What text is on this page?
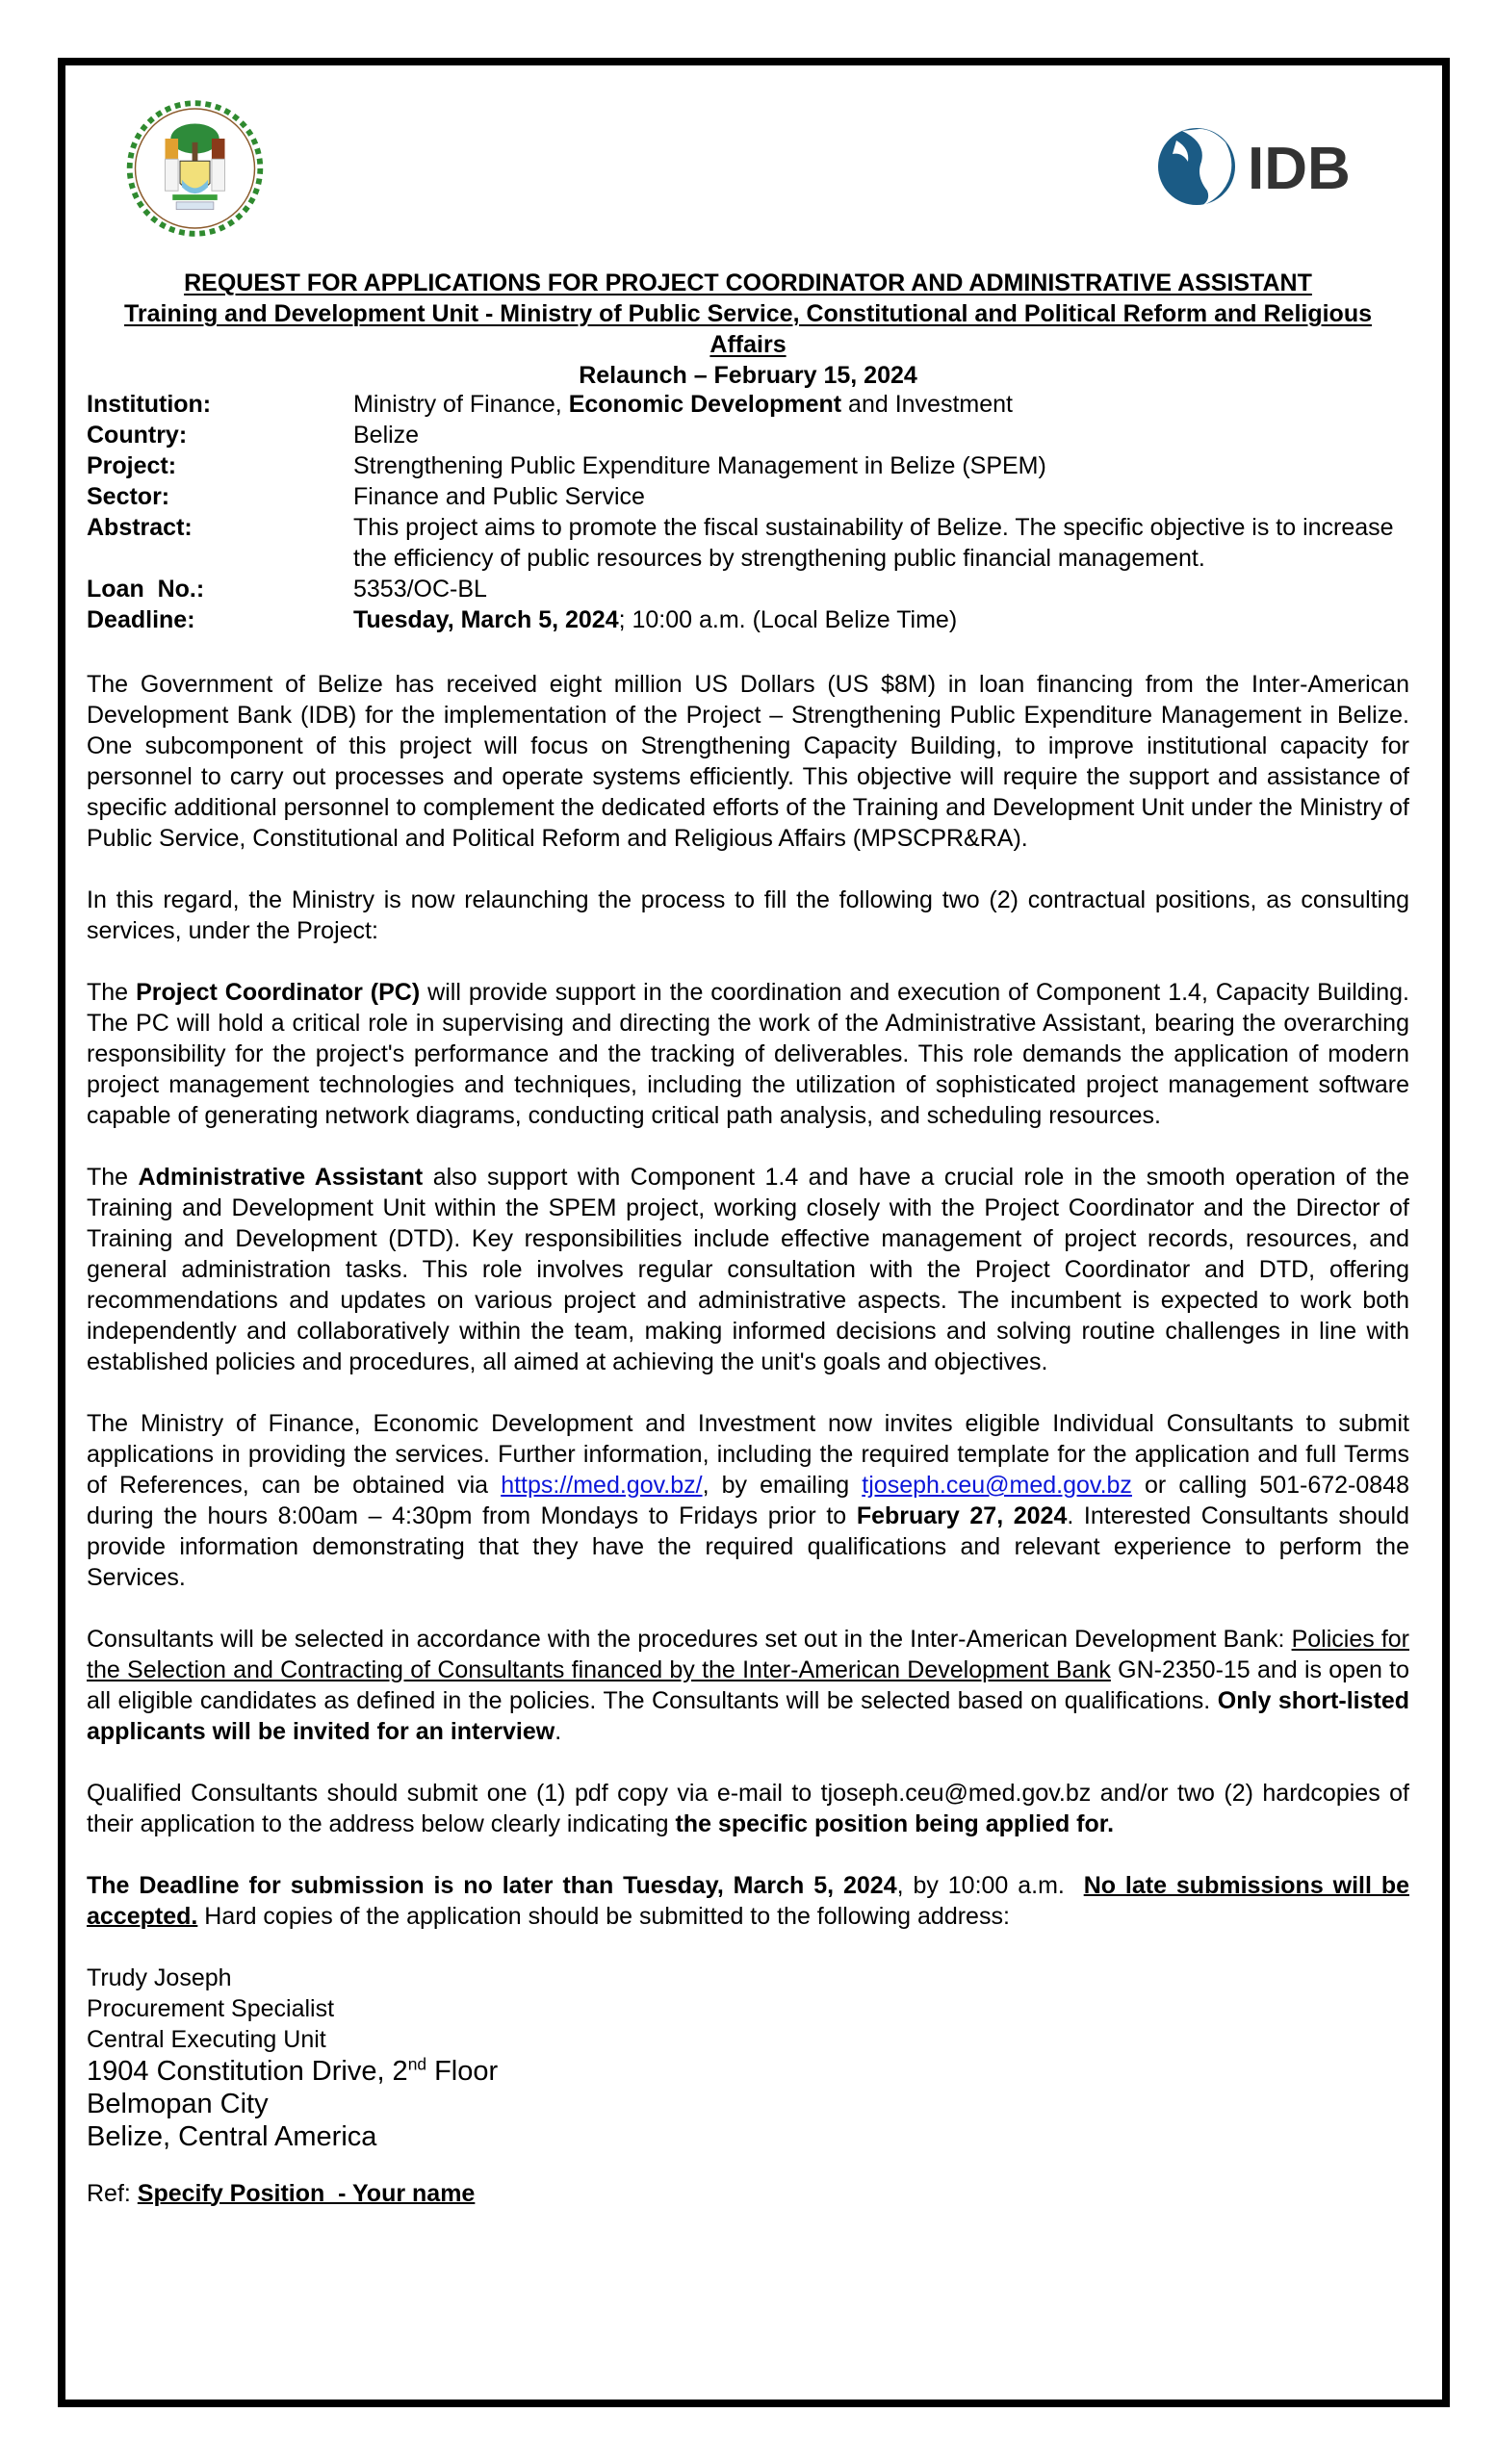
IDB
REQUEST FOR APPLICATIONS FOR PROJECT COORDINATOR AND ADMINISTRATIVE ASSISTANT
Training and Development Unit - Ministry of Public Service, Constitutional and Political Reform and Religious Affairs
Relaunch – February 15, 2024
Institution:	Ministry of Finance, Economic Development and Investment
Country:	Belize
Project:	Strengthening Public Expenditure Management in Belize (SPEM)
Sector:	Finance and Public Service
Abstract:	This project aims to promote the fiscal sustainability of Belize. The specific objective is to increase the efficiency of public resources by strengthening public financial management.
Loan  No.:	5353/OC-BL
Deadline:	Tuesday, March 5, 2024; 10:00 a.m. (Local Belize Time)

The Government of Belize has received eight million US Dollars (US $8M) in loan financing from the Inter-American Development Bank (IDB) for the implementation of the Project – Strengthening Public Expenditure Management in Belize. One subcomponent of this project will focus on Strengthening Capacity Building, to improve institutional capacity for personnel to carry out processes and operate systems efficiently. This objective will require the support and assistance of specific additional personnel to complement the dedicated efforts of the Training and Development Unit under the Ministry of Public Service, Constitutional and Political Reform and Religious Affairs (MPSCPR&RA).

In this regard, the Ministry is now relaunching the process to fill the following two (2) contractual positions, as consulting services, under the Project:

The Project Coordinator (PC) will provide support in the coordination and execution of Component 1.4, Capacity Building. The PC will hold a critical role in supervising and directing the work of the Administrative Assistant, bearing the overarching responsibility for the project's performance and the tracking of deliverables. This role demands the application of modern project management technologies and techniques, including the utilization of sophisticated project management software capable of generating network diagrams, conducting critical path analysis, and scheduling resources.

The Administrative Assistant also support with Component 1.4 and have a crucial role in the smooth operation of the Training and Development Unit within the SPEM project, working closely with the Project Coordinator and the Director of Training and Development (DTD). Key responsibilities include effective management of project records, resources, and general administration tasks. This role involves regular consultation with the Project Coordinator and DTD, offering recommendations and updates on various project and administrative aspects. The incumbent is expected to work both independently and collaboratively within the team, making informed decisions and solving routine challenges in line with established policies and procedures, all aimed at achieving the unit's goals and objectives.

The Ministry of Finance, Economic Development and Investment now invites eligible Individual Consultants to submit applications in providing the services. Further information, including the required template for the application and full Terms of References, can be obtained via https://med.gov.bz/, by emailing tjoseph.ceu@med.gov.bz or calling 501-672-0848 during the hours 8:00am – 4:30pm from Mondays to Fridays prior to February 27, 2024. Interested Consultants should provide information demonstrating that they have the required qualifications and relevant experience to perform the Services.

Consultants will be selected in accordance with the procedures set out in the Inter-American Development Bank: Policies for the Selection and Contracting of Consultants financed by the Inter-American Development Bank GN-2350-15 and is open to all eligible candidates as defined in the policies. The Consultants will be selected based on qualifications. Only short-listed applicants will be invited for an interview.

Qualified Consultants should submit one (1) pdf copy via e-mail to tjoseph.ceu@med.gov.bz and/or two (2) hardcopies of their application to the address below clearly indicating the specific position being applied for.

The Deadline for submission is no later than Tuesday, March 5, 2024, by 10:00 a.m.  No late submissions will be accepted. Hard copies of the application should be submitted to the following address:

Trudy Joseph
Procurement Specialist
Central Executing Unit
1904 Constitution Drive, 2nd Floor
Belmopan City
Belize, Central America
Ref: Specify Position  - Your name
